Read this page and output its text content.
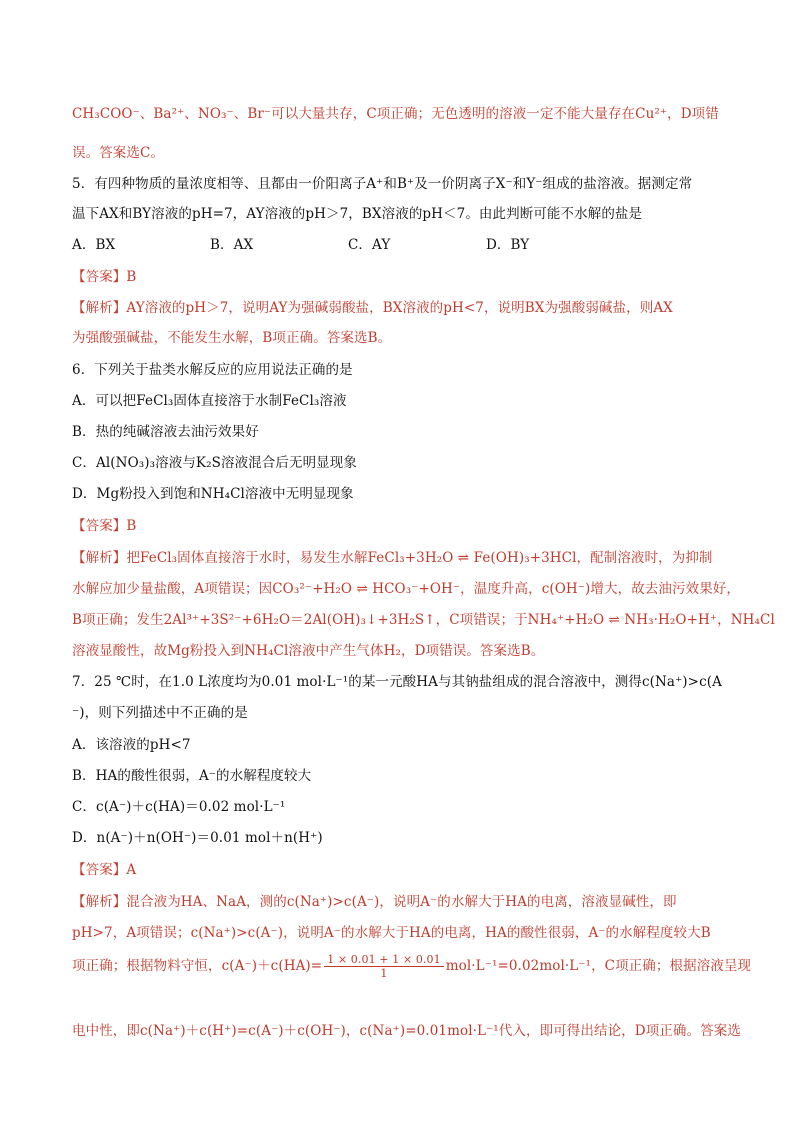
CH₃COO⁻、Ba²⁺、NO₃⁻、Br⁻可以大量共存，C项正确；无色透明的溶液一定不能大量存在Cu²⁺，D项错
误。答案选C。
5．有四种物质的量浓度相等、且都由一价阳离子A⁺和B⁺及一价阴离子X⁻和Y⁻组成的盐溶液。据测定常
温下AX和BY溶液的pH=7，AY溶液的pH＞7，BX溶液的pH＜7。由此判断可能不水解的盐是
A．BX	B．AX	C．AY	D．BY
【答案】B
【解析】AY溶液的pH＞7，说明AY为强碱弱酸盐，BX溶液的pH<7，说明BX为强酸弱碱盐，则AX
为强酸强碱盐，不能发生水解，B项正确。答案选B。
6．下列关于盐类水解反应的应用说法正确的是
A．可以把FeCl₃固体直接溶于水制FeCl₃溶液
B．热的纯碱溶液去油污效果好
C．Al(NO₃)₃溶液与K₂S溶液混合后无明显现象
D．Mg粉投入到饱和NH₄Cl溶液中无明显现象
【答案】B
【解析】把FeCl₃固体直接溶于水时，易发生水解FeCl₃+3H₂O ⇌ Fe(OH)₃+3HCl，配制溶液时，为抑制
水解应加少量盐酸，A项错误；因CO₃²⁻+H₂O ⇌ HCO₃⁻+OH⁻，温度升高，c(OH⁻)增大，故去油污效果好，
B项正确；发生2Al³⁺+3S²⁻+6H₂O＝2Al(OH)₃↓+3H₂S↑，C项错误；于NH₄⁺+H₂O ⇌ NH₃·H₂O+H⁺，NH₄Cl
溶液显酸性，故Mg粉投入到NH₄Cl溶液中产生气体H₂，D项错误。答案选B。
7．25 ℃时，在1.0 L浓度均为0.01 mol·L⁻¹的某一元酸HA与其钠盐组成的混合溶液中，测得c(Na⁺)>c(A
⁻)，则下列描述中不正确的是
A．该溶液的pH<7
B．HA的酸性很弱，A⁻的水解程度较大
C．c(A⁻)＋c(HA)＝0.02 mol·L⁻¹
D．n(A⁻)＋n(OH⁻)＝0.01 mol＋n(H⁺)
【答案】A
【解析】混合液为HA、NaA，测的c(Na⁺)>c(A⁻)，说明A⁻的水解大于HA的电离，溶液显碱性，即
pH>7，A项错误；c(Na⁺)>c(A⁻)，说明A⁻的水解大于HA的电离，HA的酸性很弱，A⁻的水解程度较大B
项正确；根据物料守恒，$c(A^-)+c(HA)= \frac{1 \times 0.01 + 1 \times 0.01}{1} mol\cdot L^{-1}=0.02mol\cdot L^{-1}$，C项正确；根据溶液呈现
电中性，即c(Na⁺)＋c(H⁺)=c(A⁻)＋c(OH⁻)，c(Na⁺)=0.01mol·L⁻¹代入，即可得出结论，D项正确。答案选
